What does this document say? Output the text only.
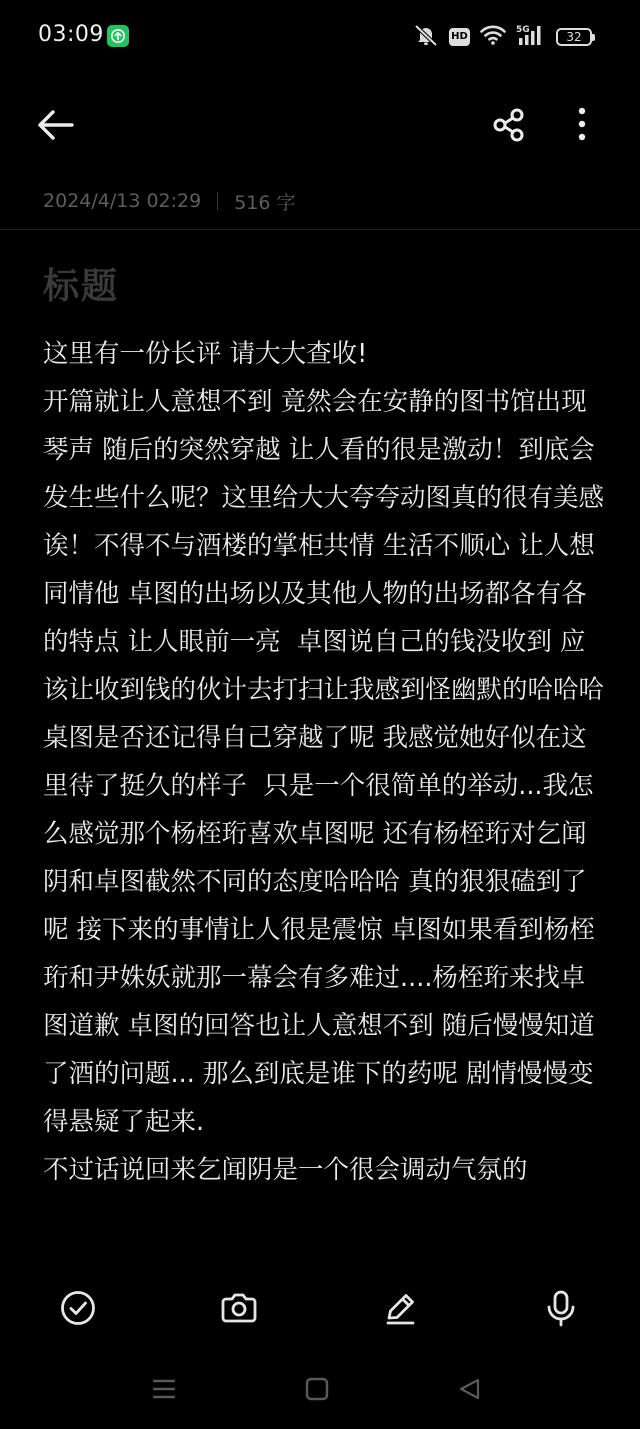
03:09	HD
5G	32
2024/4/13 02:29 516 字
标题
这里有一份长评 请大大查收!
开篇就让人意想不到 竟然会在安静的图书馆出现琴声 随后的突然穿越 让人看的很是激动！到底会发生些什么呢？这里给大大夸夸动图真的很有美感诶！不得不与酒楼的掌柜共情 生活不顺心 让人想同情他 卓图的出场以及其他人物的出场都各有各的特点 让人眼前一亮  卓图说自己的钱没收到 应该让收到钱的伙计去打扫让我感到怪幽默的哈哈哈  桌图是否还记得自己穿越了呢 我感觉她好似在这里待了挺久的样子  只是一个很简单的举动...我怎么感觉那个杨桎珩喜欢卓图呢 还有杨桎珩对乞闻阴和卓图截然不同的态度哈哈哈 真的狠狠磕到了呢 接下来的事情让人很是震惊 卓图如果看到杨桎珩和尹姝妖就那一幕会有多难过....杨桎珩来找卓图道歉 卓图的回答也让人意想不到 随后慢慢知道了酒的问题... 那么到底是谁下的药呢 剧情慢慢变得悬疑了起来.
不过话说回来乞闻阴是一个很会调动气氛的
